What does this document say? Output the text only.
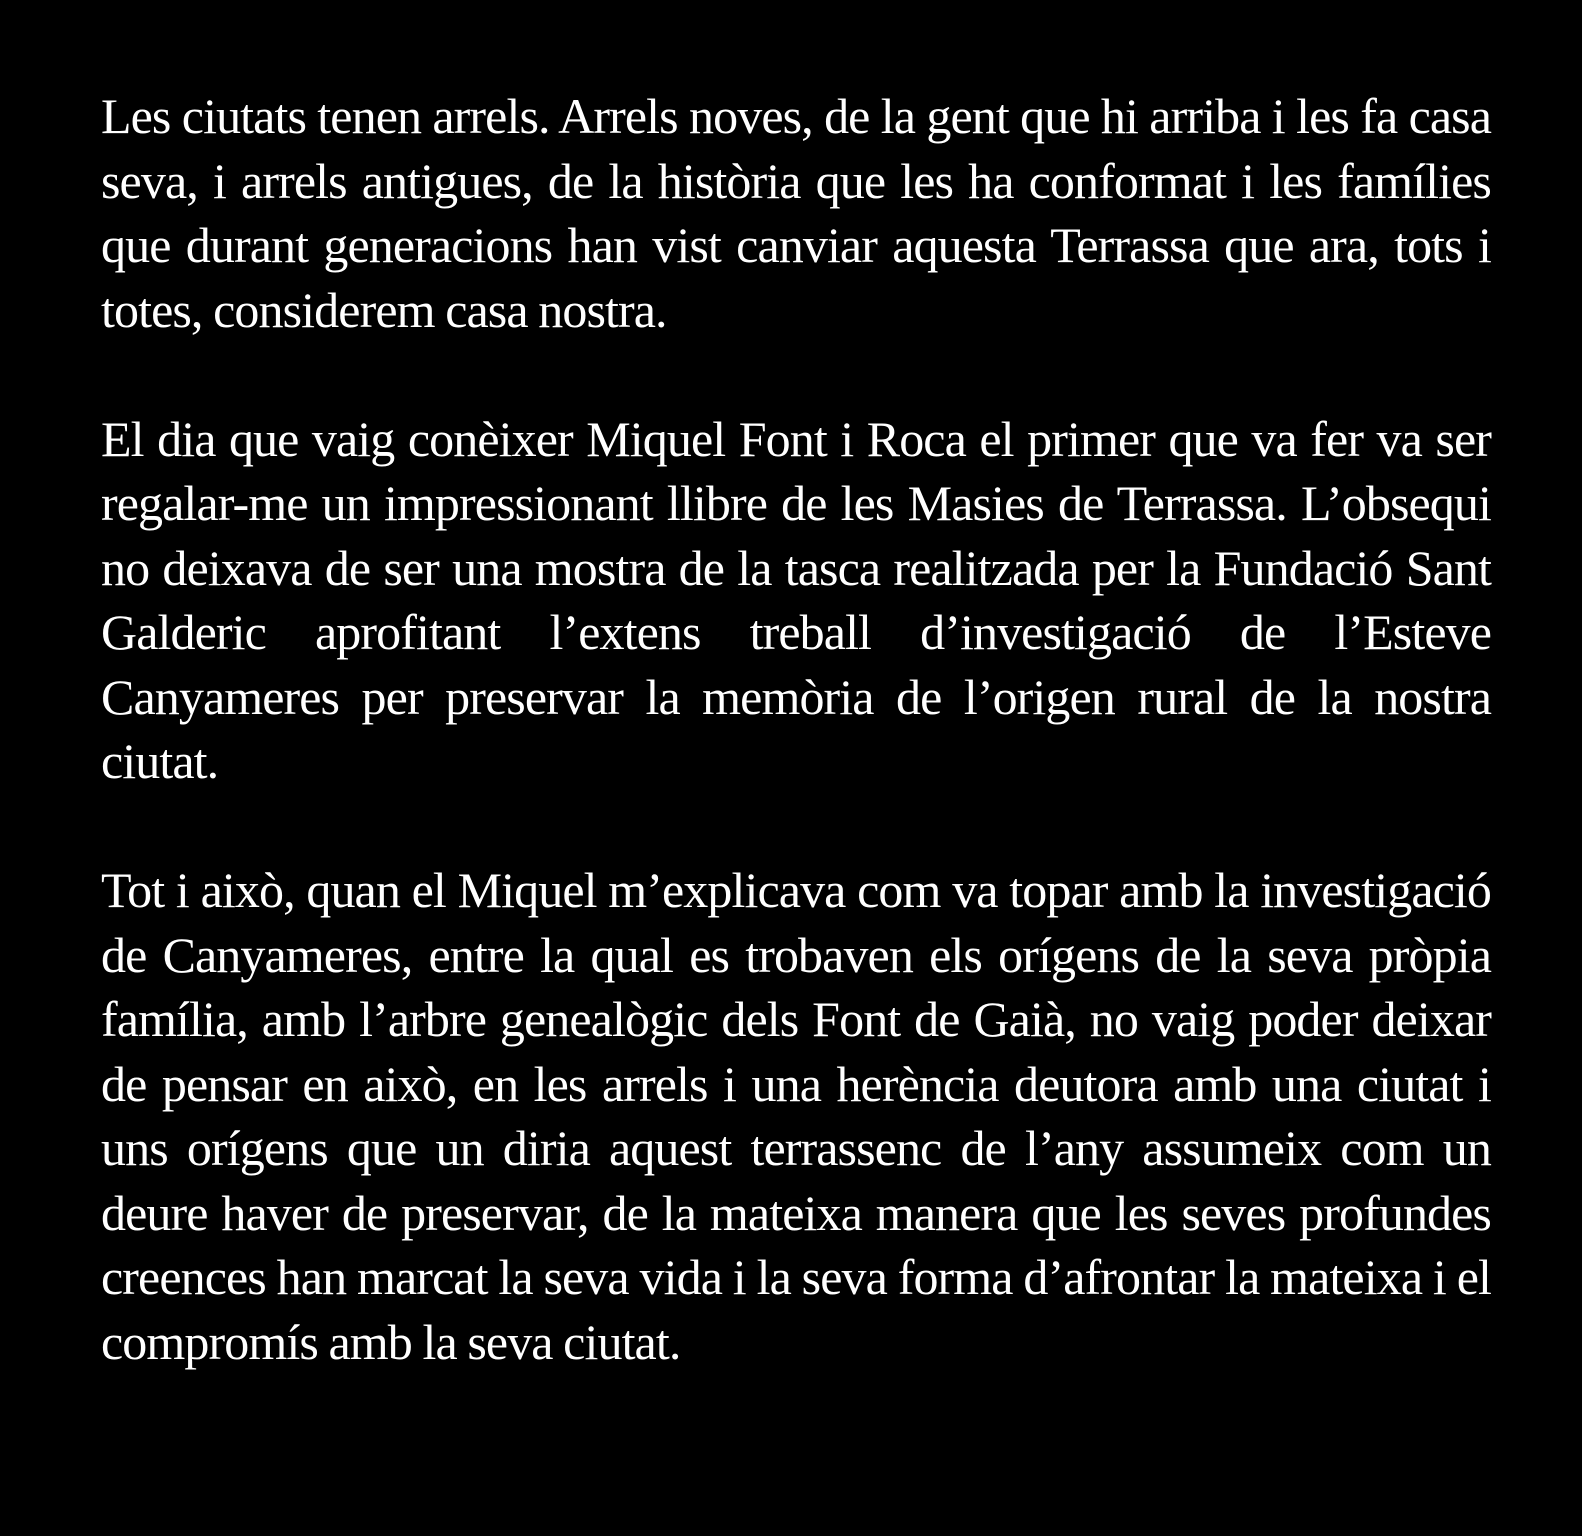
Les ciutats tenen arrels. Arrels noves, de la gent que hi arriba i les fa casa seva, i arrels antigues, de la història que les ha conformat i les famílies que durant generacions han vist canviar aquesta Terrassa que ara, tots i totes, considerem casa nostra.

El dia que vaig conèixer Miquel Font i Roca el primer que va fer va ser regalar-me un impressionant llibre de les Masies de Terrassa. L’obsequi no deixava de ser una mostra de la tasca realitzada per la Fundació Sant Galderic aprofitant l’extens treball d’investigació de l’Esteve Canyameres per preservar la memòria de l’origen rural de la nostra ciutat.

Tot i això, quan el Miquel m’explicava com va topar amb la investigació de Canyameres, entre la qual es trobaven els orígens de la seva pròpia família, amb l’arbre genealògic dels Font de Gaià, no vaig poder deixar de pensar en això, en les arrels i una herència deutora amb una ciutat i uns orígens que un diria aquest terrassenc de l’any assumeix com un deure haver de preservar, de la mateixa manera que les seves profundes creences han marcat la seva vida i la seva forma d’afrontar la mateixa i el compromís amb la seva ciutat.
